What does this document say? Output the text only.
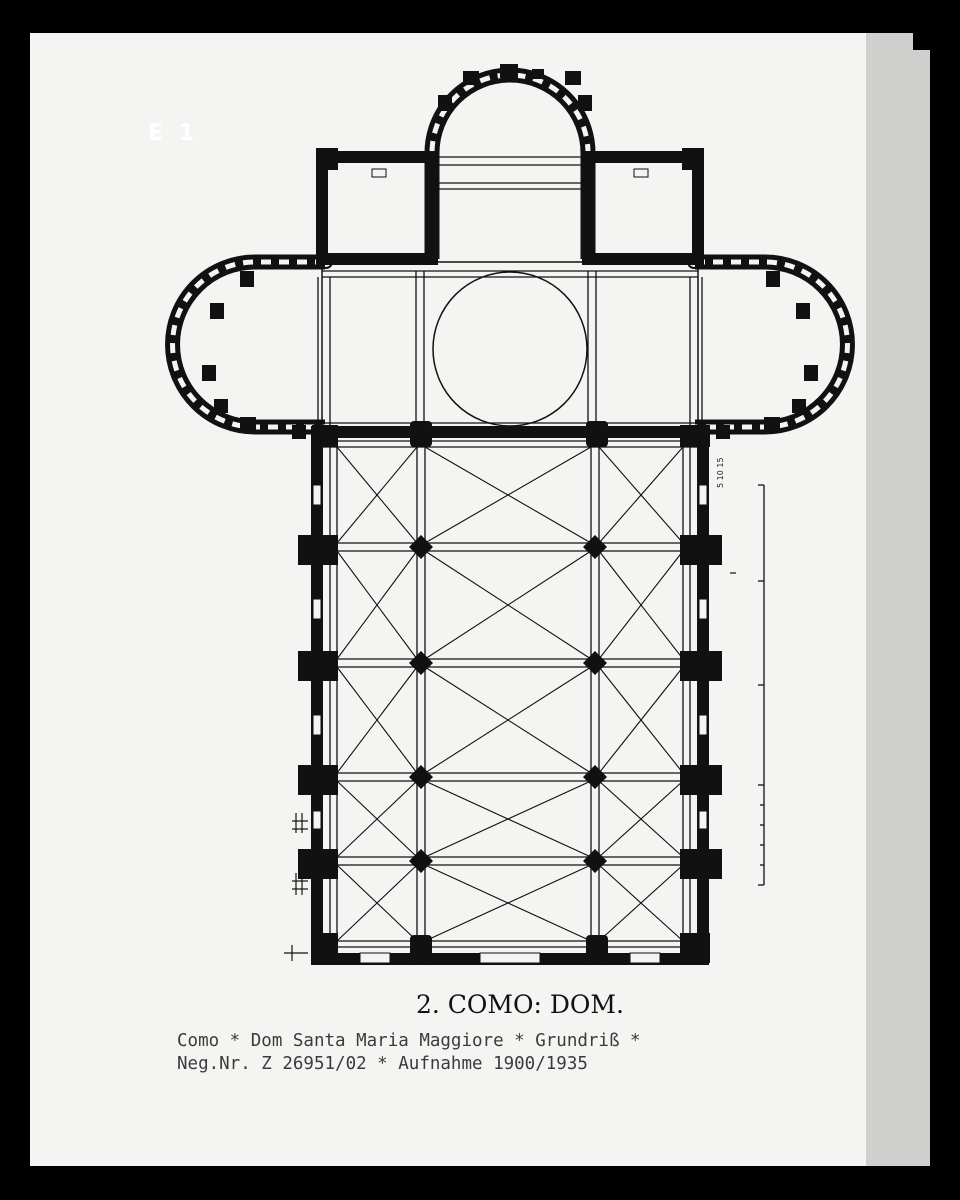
E 1
5 10 15
2. COMO: DOM.
Como * Dom Santa Maria Maggiore * Grundriß *
Neg.Nr. Z 26951/02 * Aufnahme 1900/1935
